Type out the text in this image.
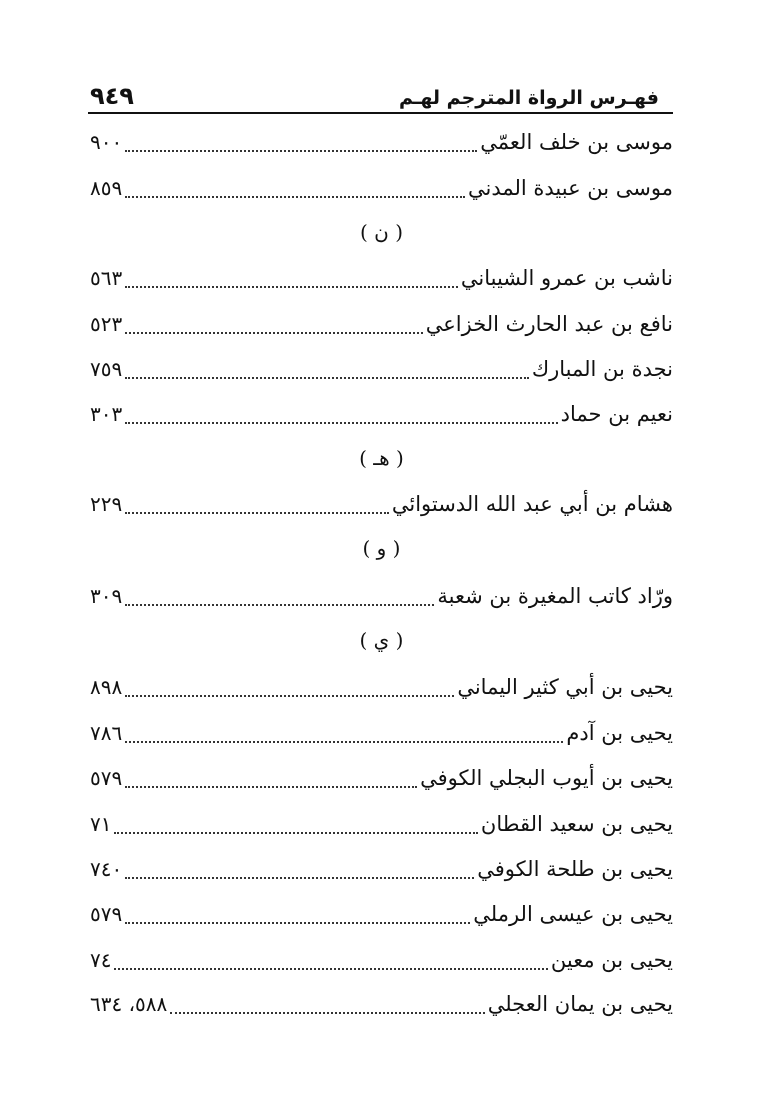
٩٤٩	فهـرس الرواة المترجم لهـم
موسى بن خلف العمّي
٩٠٠
موسى بن عبيدة المدني
٨٥٩
( ن )
ناشب بن عمرو الشيباني
٥٦٣
نافع بن عبد الحارث الخزاعي
٥٢٣
نجدة بن المبارك
٧٥٩
نعيم بن حماد
٣٠٣
( هـ )
هشام بن أبي عبد الله الدستوائي
٢٢٩
( و )
ورّاد كاتب المغيرة بن شعبة
٣٠٩
( ي )
يحيى بن أبي كثير اليماني
٨٩٨
يحيى بن آدم
٧٨٦
يحيى بن أيوب البجلي الكوفي
٥٧٩
يحيى بن سعيد القطان
٧١
يحيى بن طلحة الكوفي
٧٤٠
يحيى بن عيسى الرملي
٥٧٩
يحيى بن معين
٧٤
يحيى بن يمان العجلي
٥٨٨، ٦٣٤
